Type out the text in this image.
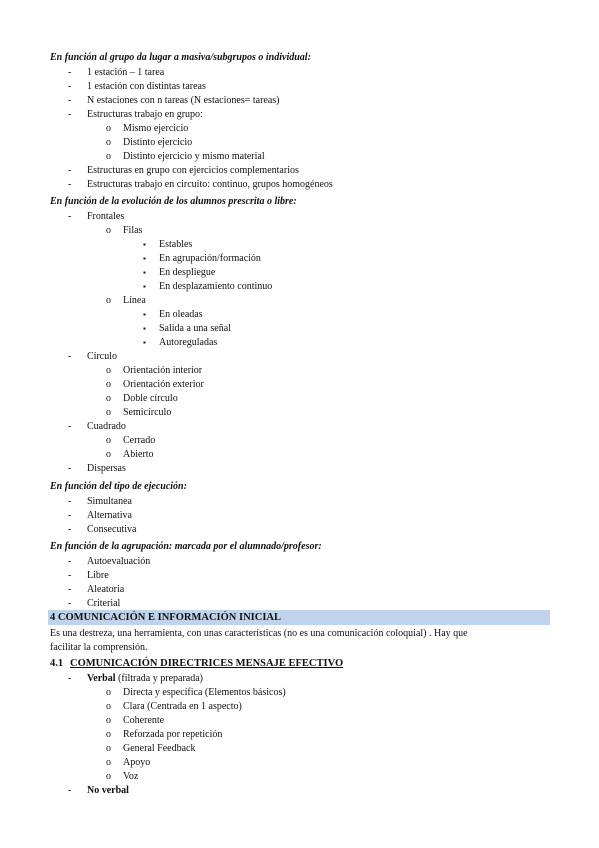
En función al grupo da lugar a masiva/subgrupos o individual:
- 1 estación – 1 tarea
- 1 estación con distintas tareas
- N estaciones con n tareas (N estaciones= tareas)
- Estructuras trabajo en grupo:
o Mismo ejercicio
o Distinto ejercicio
o Distinto ejercicio y mismo material
- Estructuras en grupo con ejercicios complementarios
- Estructuras trabajo en circuito: continuo, grupos homogéneos
En función de la evolución de los alumnos prescrita o libre:
- Frontales
o Filas
▪ Estables
▪ En agrupación/formación
▪ En despliegue
▪ En desplazamiento continuo
o Línea
▪ En oleadas
▪ Salida a una señal
▪ Autoreguladas
- Círculo
o Orientación interior
o Orientación exterior
o Doble círculo
o Semicírculo
- Cuadrado
o Cerrado
o Abierto
- Dispersas
En función del tipo de ejecución:
- Simultanea
- Alternativa
- Consecutiva
En función de la agrupación: marcada por el alumnado/profesor:
- Autoevaluación
- Libre
- Aleatoria
- Criterial
4 COMUNICACIÓN E INFORMACIÓN INICIAL
Es una destreza, una herramienta, con unas características (no es una comunicación coloquial) . Hay que
facilitar la comprensión.
4.1 COMUNICACIÓN DIRECTRICES MENSAJE EFECTIVO
- Verbal (filtrada y preparada)
o Directa y específica (Elementos básicos)
o Clara (Centrada en 1 aspecto)
o Coherente
o Reforzada por repetición
o General Feedback
o Apoyo
o Voz
- No verbal
